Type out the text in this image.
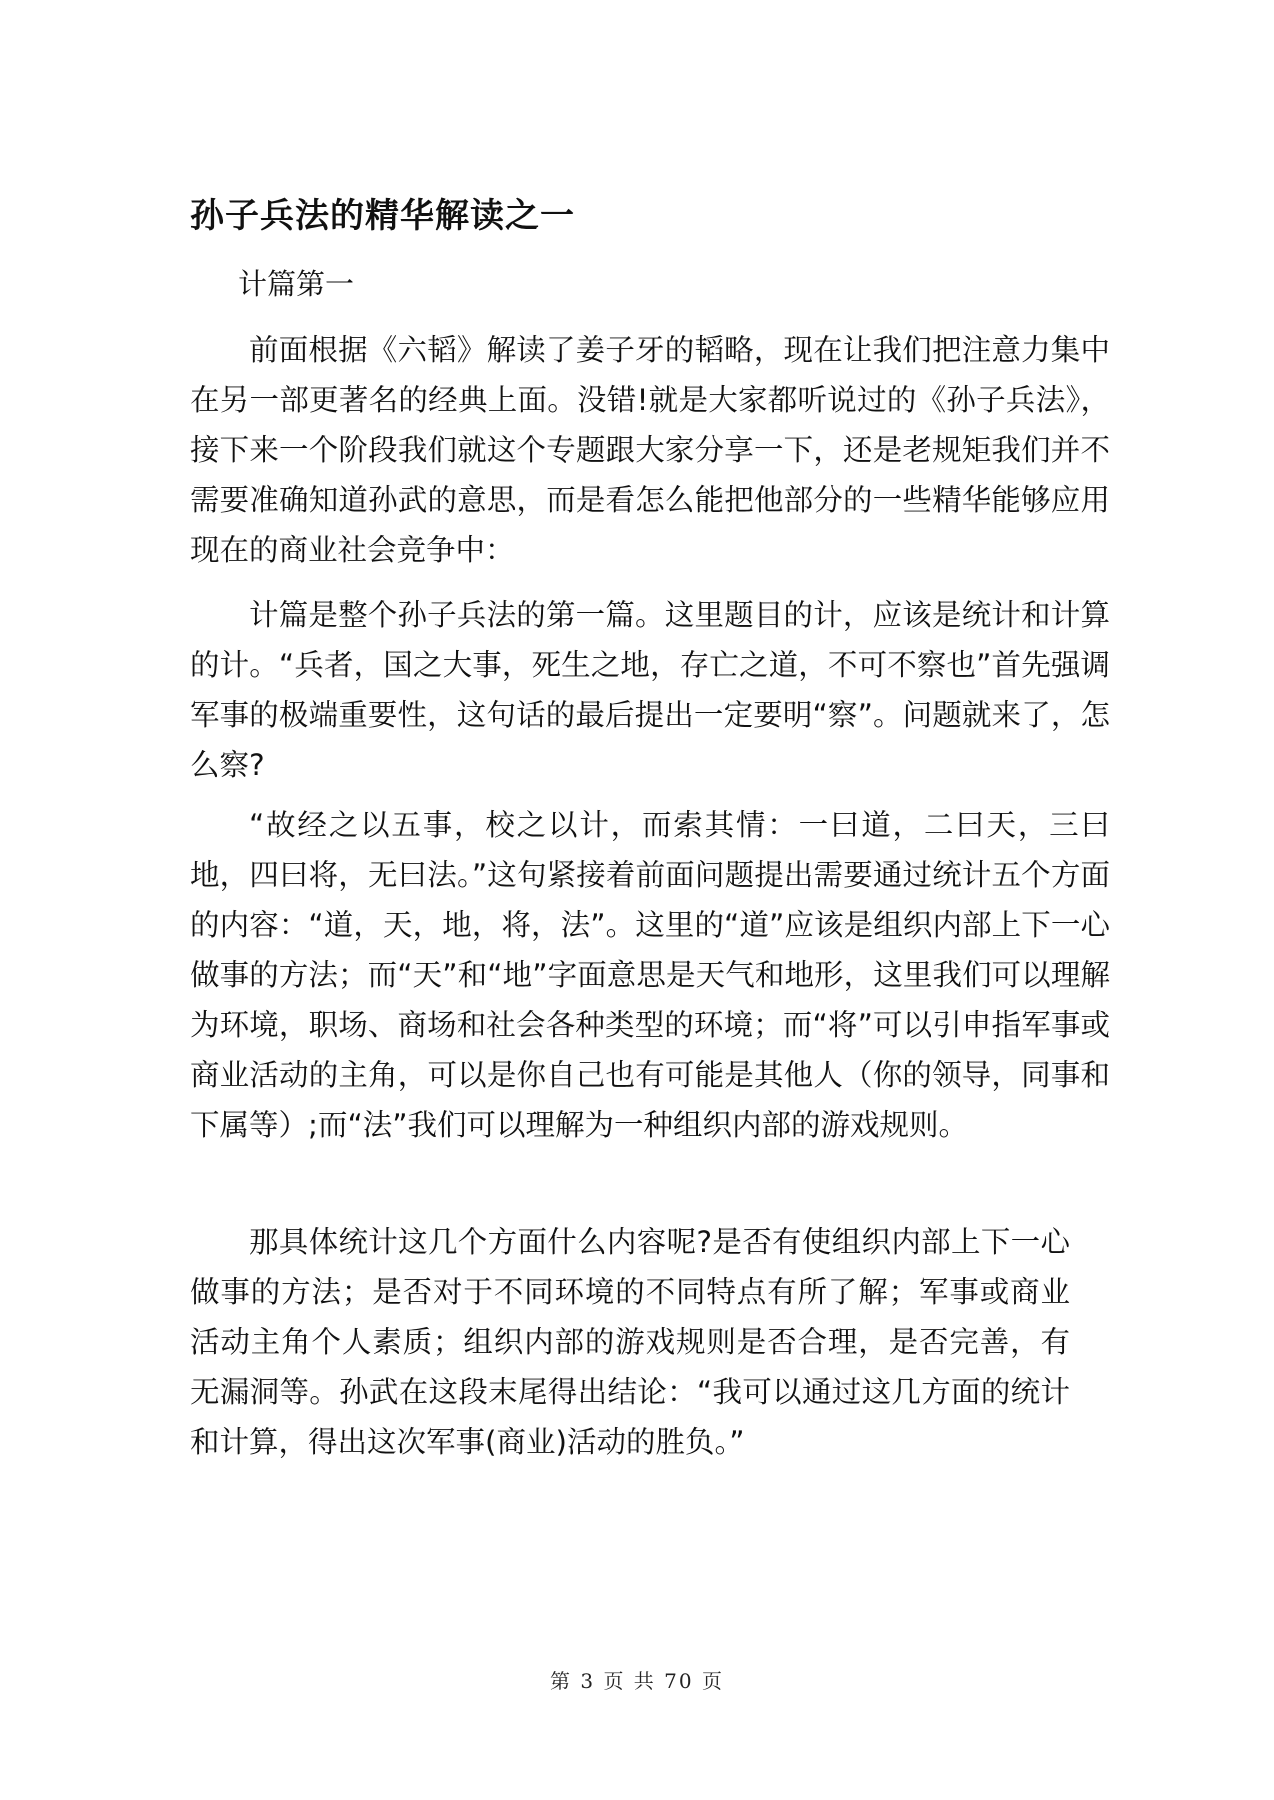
孙子兵法的精华解读之一
计篇第一

前面根据《六韬》解读了姜子牙的韬略，现在让我们把注意力集中在另一部更著名的经典上面。没错!就是大家都听说过的《孙子兵法》，接下来一个阶段我们就这个专题跟大家分享一下，还是老规矩我们并不需要准确知道孙武的意思，而是看怎么能把他部分的一些精华能够应用现在的商业社会竞争中：

计篇是整个孙子兵法的第一篇。这里题目的计，应该是统计和计算的计。“兵者，国之大事，死生之地，存亡之道，不可不察也”首先强调军事的极端重要性，这句话的最后提出一定要明“察”。问题就来了，怎么察?

“故经之以五事，校之以计，而索其情：一曰道，二曰天，三曰地，四曰将，无曰法。”这句紧接着前面问题提出需要通过统计五个方面的内容：“道，天，地，将，法”。这里的“道”应该是组织内部上下一心做事的方法；而“天”和“地”字面意思是天气和地形，这里我们可以理解为环境，职场、商场和社会各种类型的环境；而“将”可以引申指军事或商业活动的主角，可以是你自己也有可能是其他人（你的领导，同事和下属等）;而“法”我们可以理解为一种组织内部的游戏规则。

那具体统计这几个方面什么内容呢?是否有使组织内部上下一心做事的方法；是否对于不同环境的不同特点有所了解；军事或商业活动主角个人素质；组织内部的游戏规则是否合理，是否完善，有无漏洞等。孙武在这段末尾得出结论：“我可以通过这几方面的统计和计算，得出这次军事(商业)活动的胜负。”

第 3 页 共 70 页
